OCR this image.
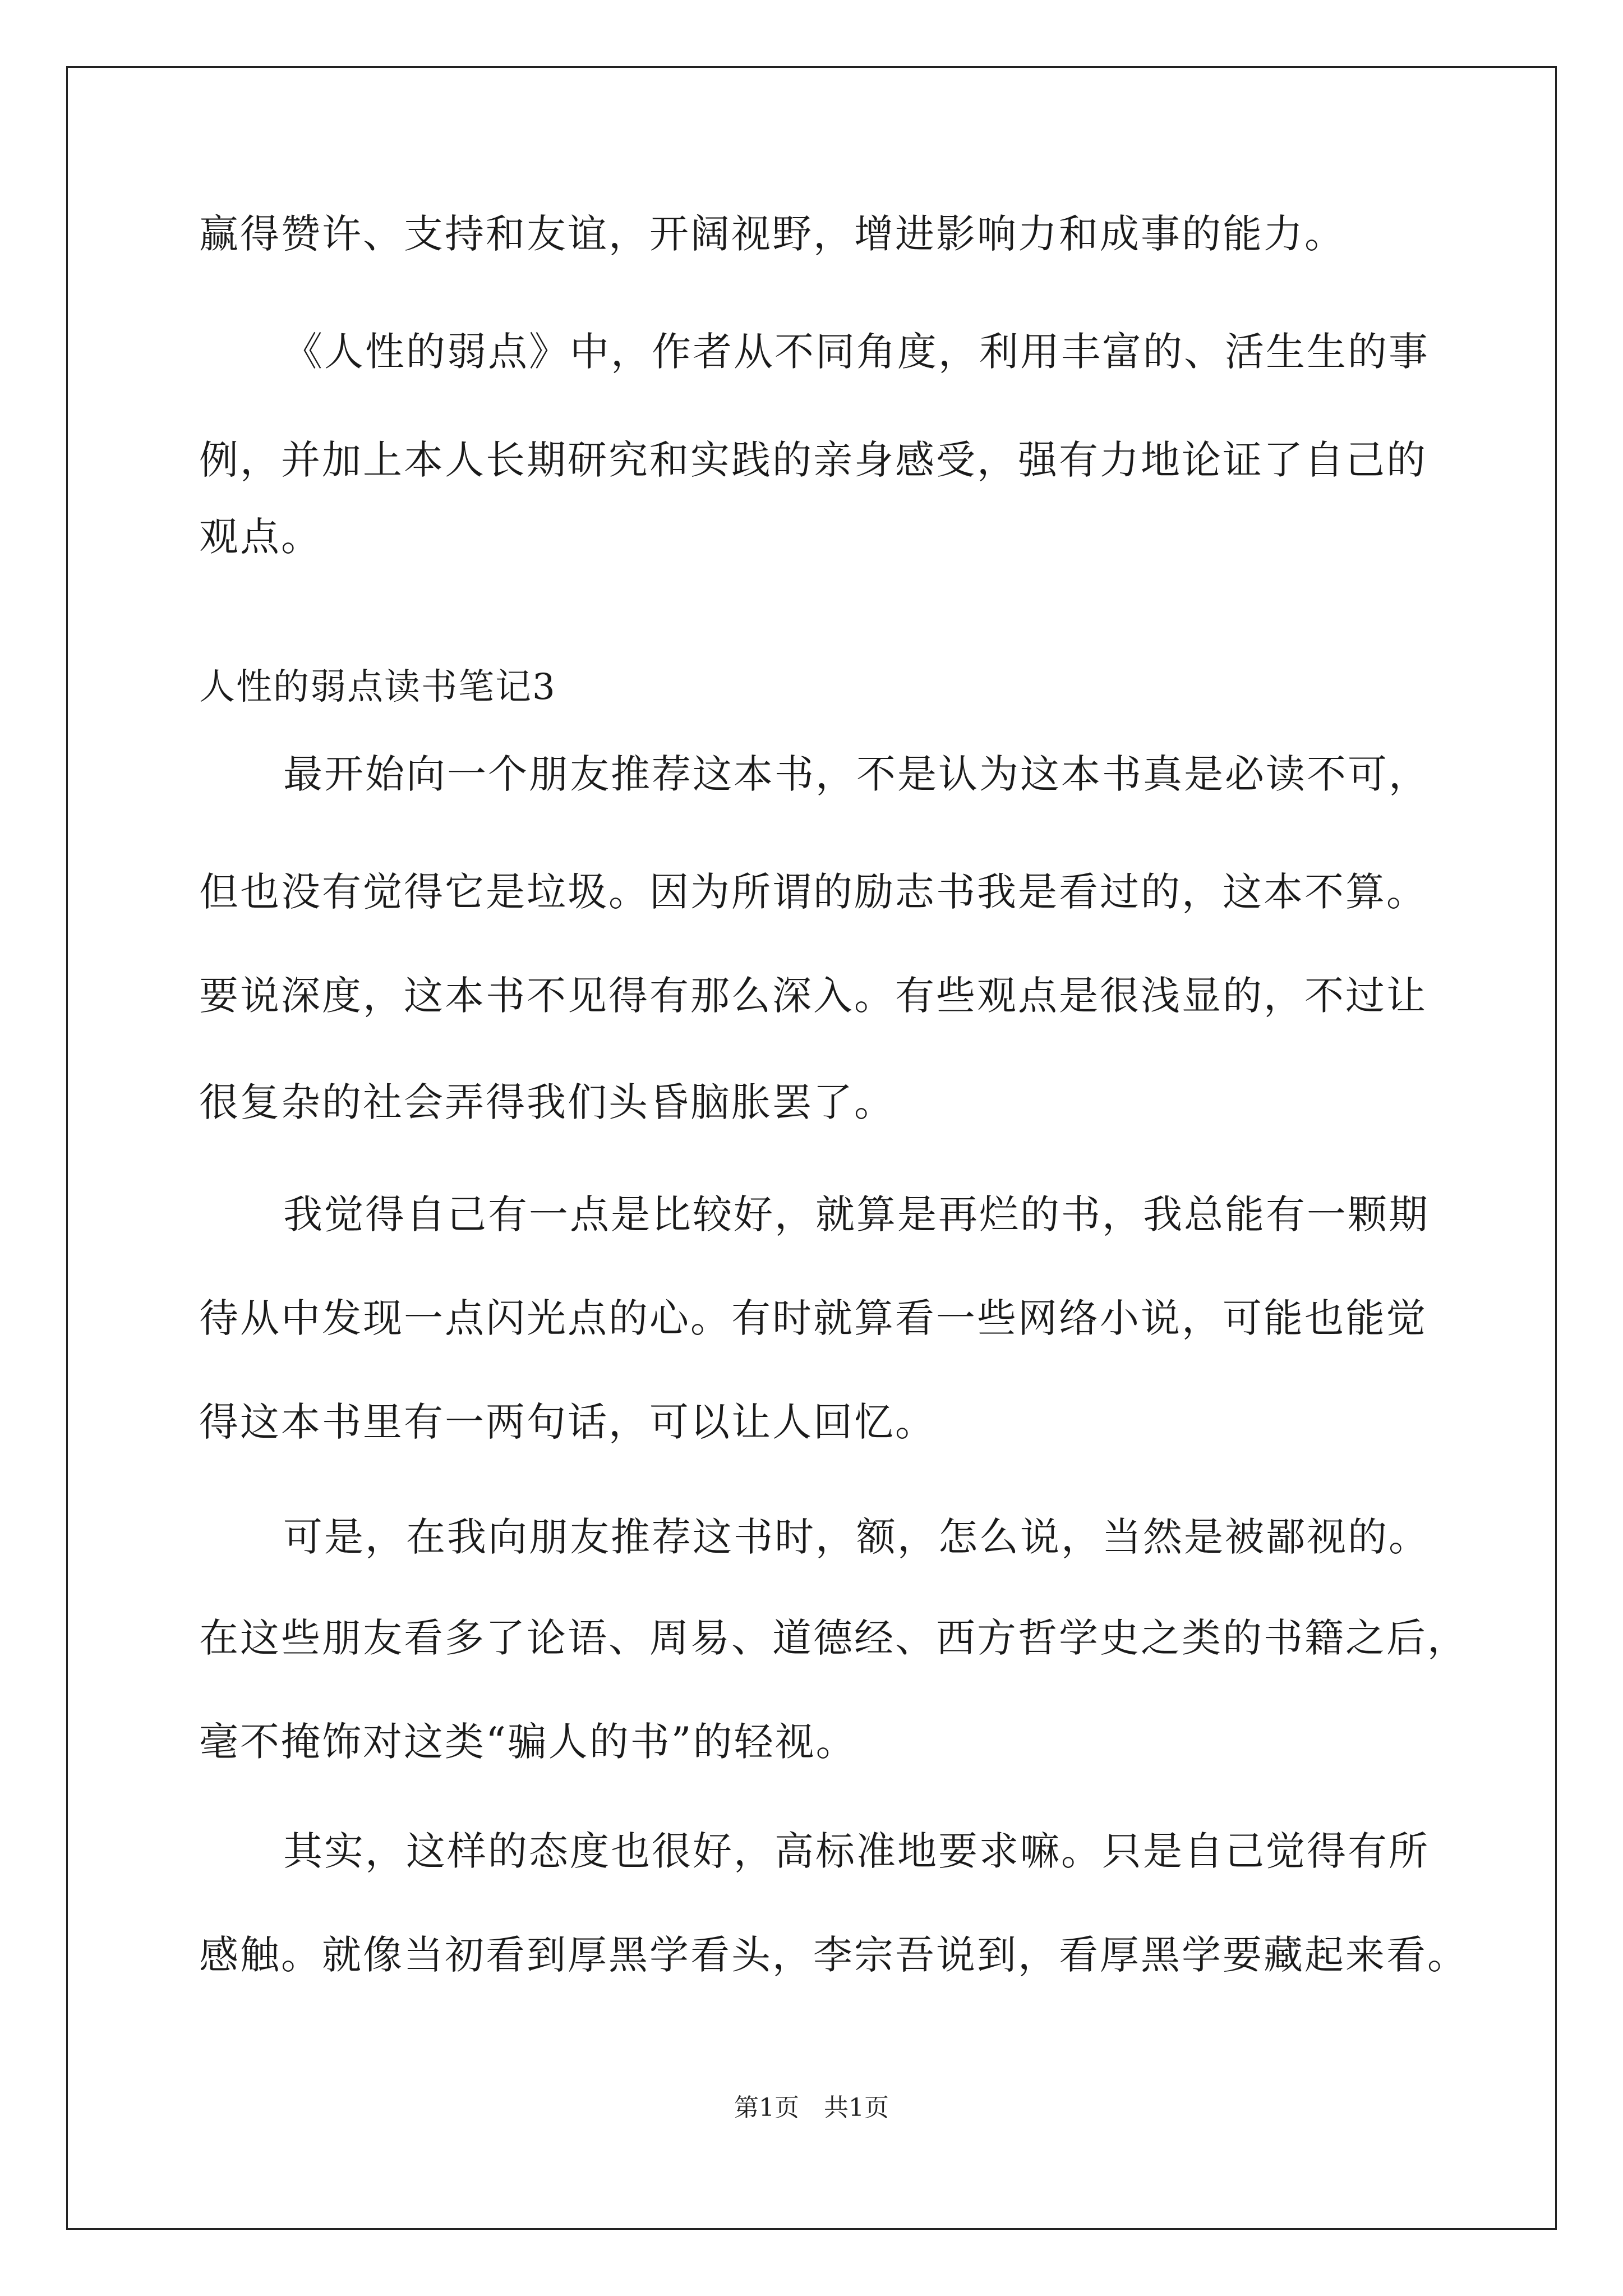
赢得赞许、支持和友谊，开阔视野，增进影响力和成事的能力。
《人性的弱点》中，作者从不同角度，利用丰富的、活生生的事
例，并加上本人长期研究和实践的亲身感受，强有力地论证了自己的
观点。
人性的弱点读书笔记3
最开始向一个朋友推荐这本书，不是认为这本书真是必读不可，
但也没有觉得它是垃圾。因为所谓的励志书我是看过的，这本不算。
要说深度，这本书不见得有那么深入。有些观点是很浅显的，不过让
很复杂的社会弄得我们头昏脑胀罢了。
我觉得自己有一点是比较好，就算是再烂的书，我总能有一颗期
待从中发现一点闪光点的心。有时就算看一些网络小说，可能也能觉
得这本书里有一两句话，可以让人回忆。
可是，在我向朋友推荐这书时，额，怎么说，当然是被鄙视的。
在这些朋友看多了论语、周易、道德经、西方哲学史之类的书籍之后，
毫不掩饰对这类“骗人的书”的轻视。
其实，这样的态度也很好，高标准地要求嘛。只是自己觉得有所
感触。就像当初看到厚黑学看头，李宗吾说到，看厚黑学要藏起来看。
第1页　共1页
